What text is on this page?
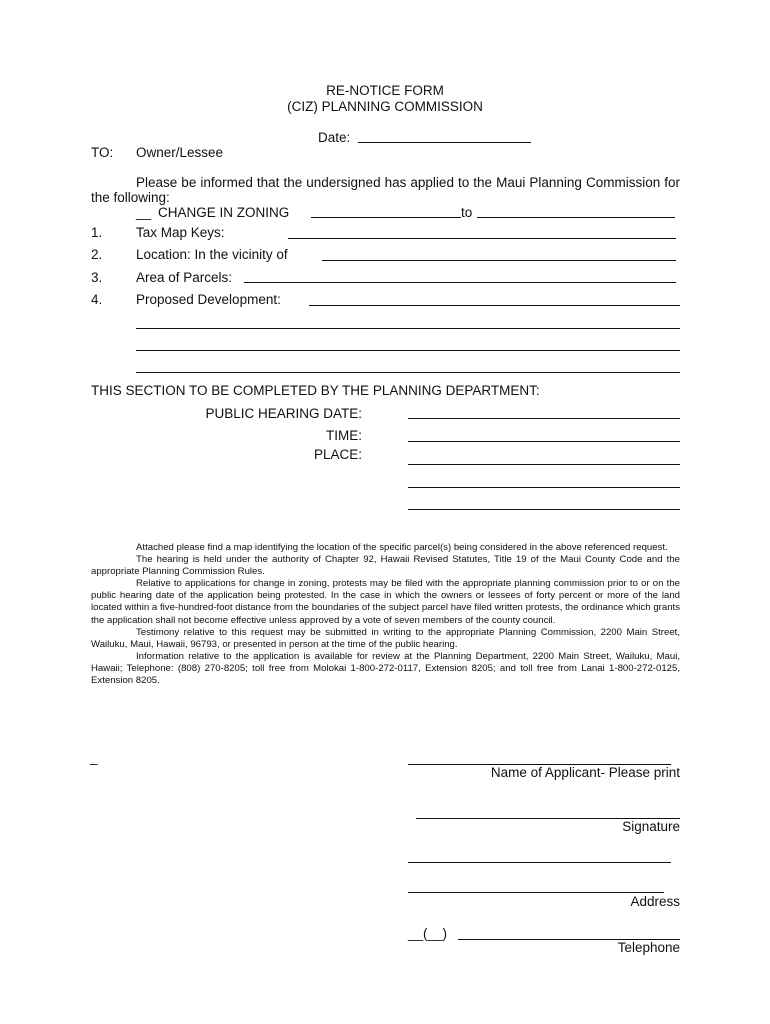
RE-NOTICE FORM
(CIZ) PLANNING COMMISSION
Date:
TO: Owner/Lessee
Please be informed that the undersigned has applied to the Maui Planning Commission for the following:
__ CHANGE IN ZONING	to
1. Tax Map Keys:
2. Location: In the vicinity of
3. Area of Parcels:
4. Proposed Development:
THIS SECTION TO BE COMPLETED BY THE PLANNING DEPARTMENT:
PUBLIC HEARING DATE:
TIME:
PLACE:

Attached please find a map identifying the location of the specific parcel(s) being considered in the above referenced request.

The hearing is held under the authority of Chapter 92, Hawaii Revised Statutes, Title 19 of the Maui County Code and the appropriate Planning Commission Rules.

Relative to applications for change in zoning, protests may be filed with the appropriate planning commission prior to or on the public hearing date of the application being protested. In the case in which the owners or lessees of forty percent or more of the land located within a five-hundred-foot distance from the boundaries of the subject parcel have filed written protests, the ordinance which grants the application shall not become effective unless approved by a vote of seven members of the county council.

Testimony relative to this request may be submitted in writing to the appropriate Planning Commission, 2200 Main Street, Wailuku, Maui, Hawaii, 96793, or presented in person at the time of the public hearing.

Information relative to the application is available for review at the Planning Department, 2200 Main Street, Wailuku, Maui, Hawaii; Telephone: (808) 270-8205; toll free from Molokai 1-800-272-0117, Extension 8205; and toll free from Lanai 1-800-272-0125, Extension 8205.

_
Name of Applicant- Please print
Signature
Address
__(__)
Telephone
